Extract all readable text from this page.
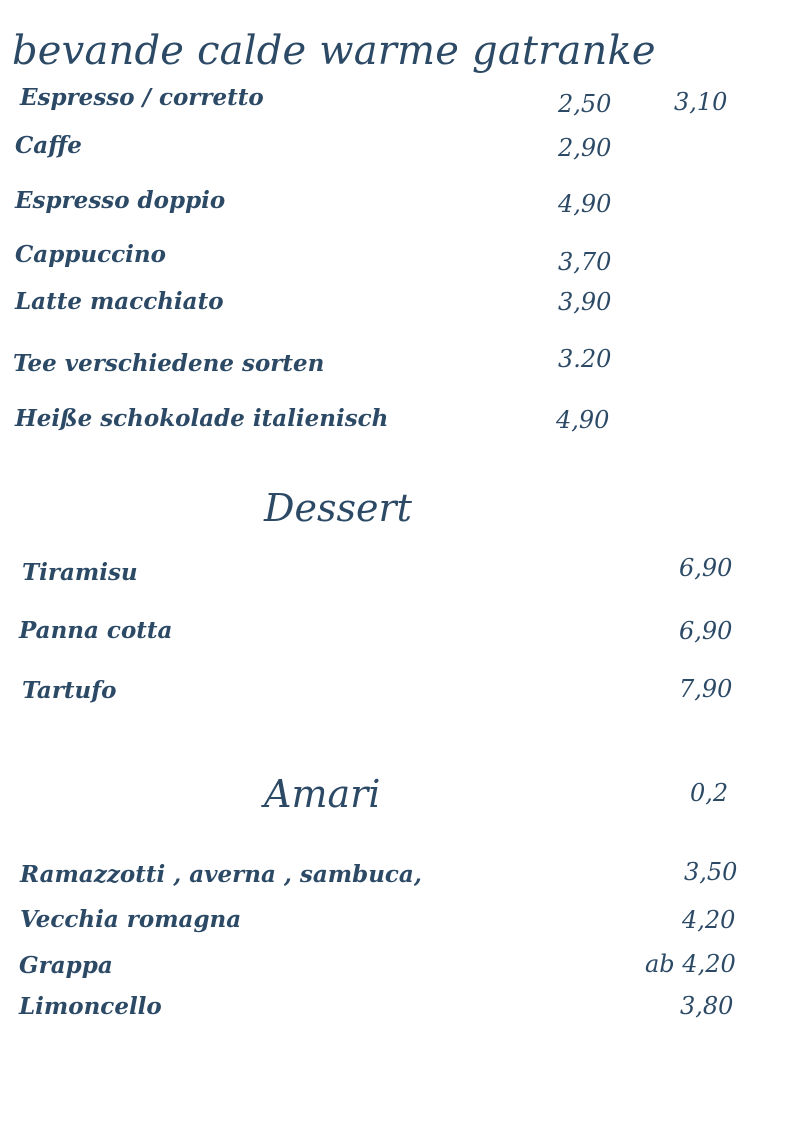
bevande calde warme gatranke
Espresso / corretto	2,50	3,10
Caffe	2,90
Espresso doppio	4,90
Cappuccino	3,70
Latte macchiato	3,90
Tee verschiedene sorten	3.20
Heiße schokolade italienisch	4,90
Dessert
Tiramisu	6,90
Panna cotta	6,90
Tartufo	7,90
Amari	0,2
Ramazzotti , averna , sambuca,	3,50
Vecchia romagna	4,20
Grappa	ab 4,20
Limoncello	3,80
